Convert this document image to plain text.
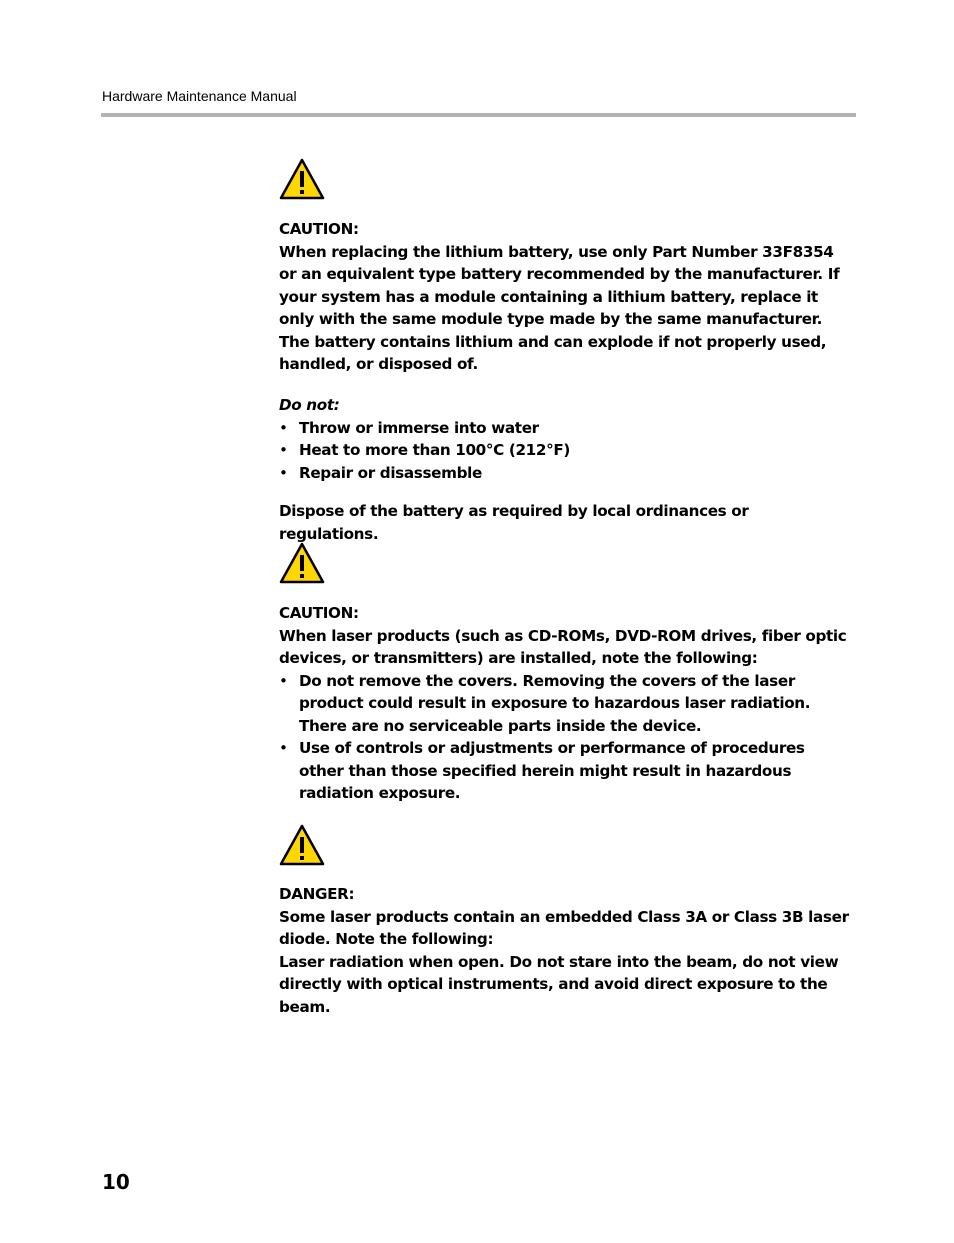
Hardware Maintenance Manual

CAUTION:

When replacing the lithium battery, use only Part Number 33F8354 or an equivalent type battery recommended by the manufacturer. If your system has a module containing a lithium battery, replace it only with the same module type made by the same manufacturer. The battery contains lithium and can explode if not properly used, handled, or disposed of.

Do not:

• Throw or immerse into water
• Heat to more than 100°C (212°F)
• Repair or disassemble
Dispose of the battery as required by local ordinances or regulations.

CAUTION:

When laser products (such as CD-ROMs, DVD-ROM drives, fiber optic devices, or transmitters) are installed, note the following:

• Do not remove the covers. Removing the covers of the laser product could result in exposure to hazardous laser radiation. There are no serviceable parts inside the device.
• Use of controls or adjustments or performance of procedures other than those specified herein might result in hazardous radiation exposure.

DANGER:

Some laser products contain an embedded Class 3A or Class 3B laser diode. Note the following:

Laser radiation when open. Do not stare into the beam, do not view directly with optical instruments, and avoid direct exposure to the beam.

10
